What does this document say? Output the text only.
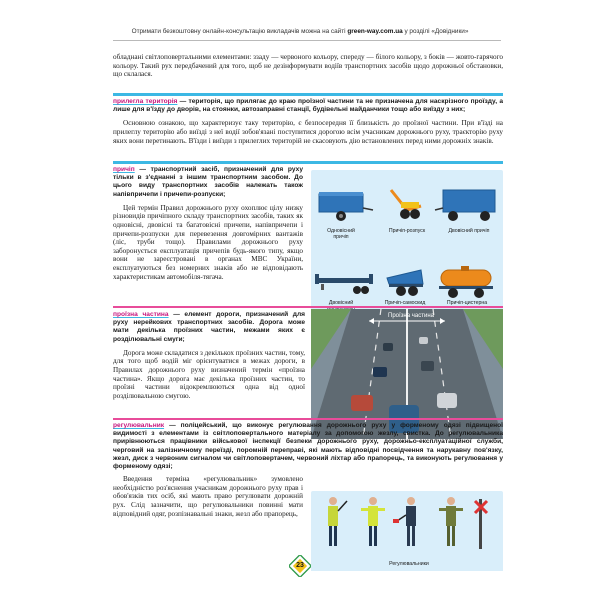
Отримати безкоштовну онлайн-консультацію викладачів можна на сайті green-way.com.ua у розділі «Довідники»

обладнані світлоповертальними елементами: ззаду — червоного кольору, спереду — білого кольору, з боків — жовто-гарячого кольору. Такий рух передбачений для того, щоб не дезінформувати водіїв транспортних засобів щодо дорожньої обстановки, що склалася.

прилегла територія — територія, що прилягає до краю проїзної частини та не призначена для наскрізного проїзду, а лише для в'їзду до дворів, на стоянки, автозаправні станції, будівельні майданчики тощо або виїзду з них;

Основною ознакою, що характеризує таку територію, є безпосередня її близькість до проїзної частини. При в'їзді на прилеглу територію або виїзді з неї водії зобов'язані поступитися дорогою всім учасникам дорожнього руху, траєкторію руху яких вони перетинають. В'їзди і виїзди з прилеглих територій не скасовують дію встановлених перед ними дорожніх знаків.

причіп — транспортний засіб, призначений для руху тільки в з'єднанні з іншим транспортним засобом. До цього виду транспортних засобів належать також напівпричепи і причепи-розпуски;

Цей термін Правил дорожнього руху охоплює цілу низку різновидів причіпного складу транспортних засобів, таких як одновісні, двовісні та багатовісні причепи, напівпричепи і причепи-розпуски для перевезення довгомірних вантажів (ліс, труби тощо). Правилами дорожнього руху заборонується експлуатація причепів будь-якого типу, якщо вони не зареєстровані в органах МВС України, експлуатуються без номерних знаків або не відповідають характеристикам автомобіля-тягача.

Одновісний причіп
Причіп-розпуск	Двовісний причіп
Двовісний	Причіп-самоскид	Причіп-цистерна

проїзна частина — елемент дороги, призначений для руху нерейкових транспортних засобів. Дорога може мати декілька проїзних частин, межами яких є розділювальні смуги;

Дорога може складатися з декількох проїзних частин, тому, для того щоб водій міг орієнтуватися в межах дороги, в Правилах дорожнього руху визначений термін «проїзна частина». Якщо дорога має декілька проїзних частин, то проїзні частини відокремлюються одна від одної розділювальною смугою.

Проїзна частина

регулювальник — поліцейський, що виконує регулювання дорожнього руху у форменому одязі підвищеної видимості з елементами із світлоповертального матеріалу за допомогою жезлу, свистка. До регулювальника прирівнюються працівники військової інспекції безпеки дорожнього руху, дорожньо-експлуатаційної служби, черговий на залізничному переїзді, поромній переправі, які мають відповідні посвідчення та нарукавну пов'язку, жезл, диск з червоним сигналом чи світлоповертачем, червоний ліхтар або прапорець, та виконують регулювання у форменому одязі;

Введення терміна «регулювальник» зумовлено необхідністю роз'яснення учасникам дорожнього руху прав і обов'язків тих осіб, які мають право регулювати дорожній рух. Слід зазначити, що регулювальники повинні мати відповідний одяг, розпізнавальні знаки, жезл або прапорець,

Регулювальники
23
